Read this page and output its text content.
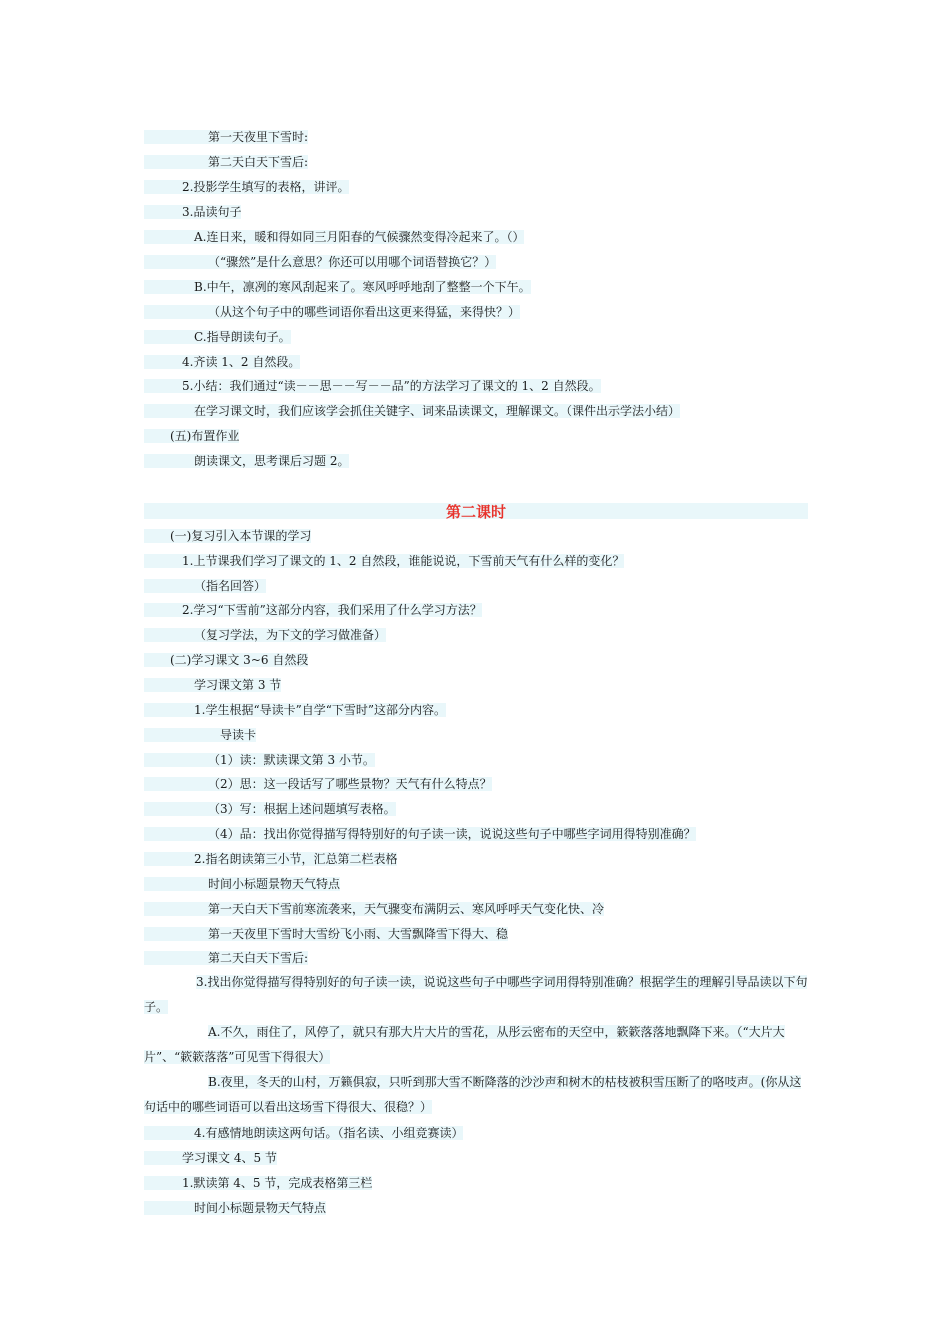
第一天夜里下雪时:
第二天白天下雪后:
2.投影学生填写的表格，讲评。
3.品读句子
A.连日来，暖和得如同三月阳春的气候骤然变得冷起来了。（）
（“骤然”是什么意思？你还可以用哪个词语替换它？）
B.中午，凛冽的寒风刮起来了。寒风呼呼地刮了整整一个下午。
（从这个句子中的哪些词语你看出这更来得猛，来得快？）
C.指导朗读句子。
4.齐读 1、2 自然段。
5.小结：我们通过“读－－思－－写－－品”的方法学习了课文的 1、2 自然段。
在学习课文时，我们应该学会抓住关键字、词来品读课文，理解课文。（课件出示学法小结）
(五)布置作业
朗读课文，思考课后习题 2。
第二课时
(一)复习引入本节课的学习
1.上节课我们学习了课文的 1、2 自然段，谁能说说，下雪前天气有什么样的变化？
（指名回答）
2.学习“下雪前”这部分内容，我们采用了什么学习方法？
（复习学法，为下文的学习做准备）
(二)学习课文 3~6 自然段
学习课文第 3 节
1.学生根据“导读卡”自学“下雪时”这部分内容。
导读卡
（1）读：默读课文第 3 小节。
（2）思：这一段话写了哪些景物？天气有什么特点？
（3）写：根据上述问题填写表格。
（4）品：找出你觉得描写得特别好的句子读一读，说说这些句子中哪些字词用得特别准确？
2.指名朗读第三小节，汇总第二栏表格
时间小标题景物天气特点
第一天白天下雪前寒流袭来，天气骤变布满阴云、寒风呼呼天气变化快、冷
第一天夜里下雪时大雪纷飞小雨、大雪飘降雪下得大、稳
第二天白天下雪后:
3.找出你觉得描写得特别好的句子读一读，说说这些句子中哪些字词用得特别准确？根据学生的理解引导品读以下句子。
A.不久，雨住了，风停了，就只有那大片大片的雪花，从彤云密布的天空中，簌簌落落地飘降下来。（“大片大片”、“簌簌落落”可见雪下得很大）
B.夜里，冬天的山村，万籁俱寂，只听到那大雪不断降落的沙沙声和树木的枯枝被积雪压断了的咯吱声。(你从这句话中的哪些词语可以看出这场雪下得很大、很稳？）
4.有感情地朗读这两句话。（指名读、小组竞赛读）
学习课文 4、5 节
1.默读第 4、5 节，完成表格第三栏
时间小标题景物天气特点
